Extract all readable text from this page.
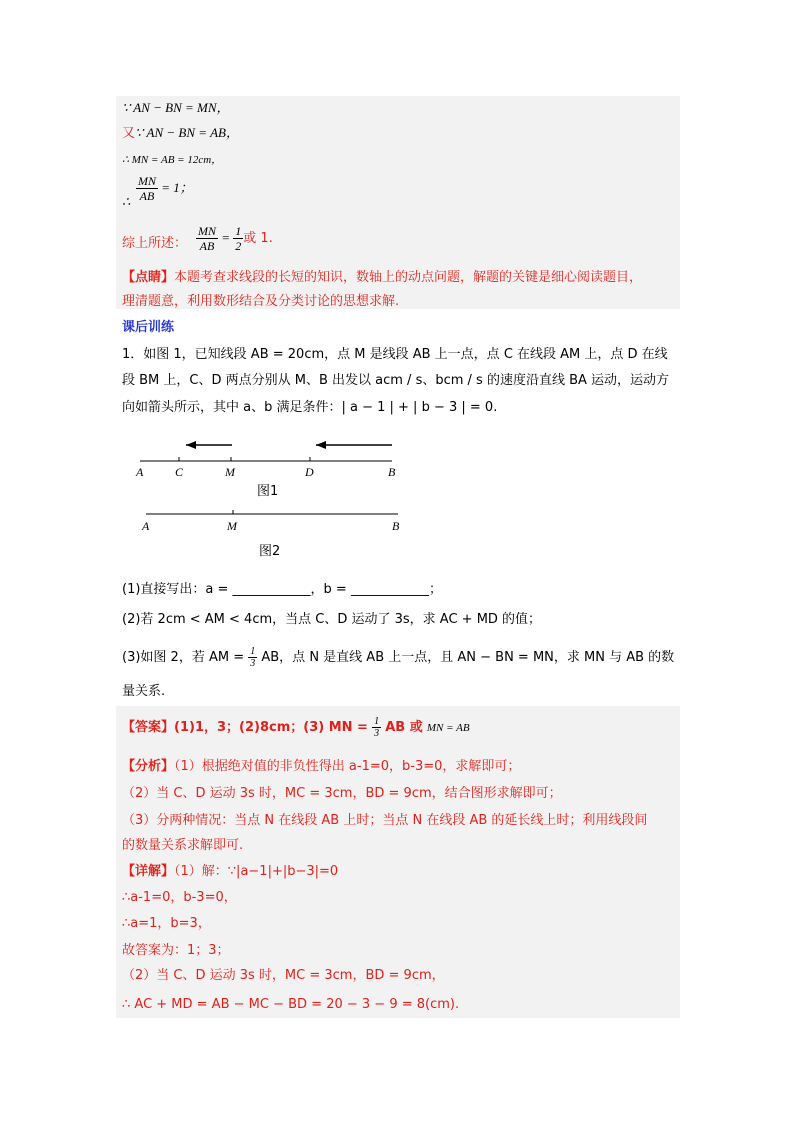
∵ AN − BN = MN，
又∵ AN − BN = AB，
∴ MN = AB = 12cm，
∴ $\frac{MN}{AB} = 1$；
综上所述： $\frac{MN}{AB} = \frac{1}{2}$ 或 1.
【点睛】本题考查求线段的长短的知识，数轴上的动点问题，解题的关键是细心阅读题目，
理清题意，利用数形结合及分类讨论的思想求解.
课后训练
1．如图 1，已知线段 AB = 20cm，点 M 是线段 AB 上一点，点 C 在线段 AM 上，点 D 在线
段 BM 上，C、D 两点分别从 M、B 出发以 acm / s、bcm / s 的速度沿直线 BA 运动，运动方
向如箭头所示，其中 a、b 满足条件：| a − 1 | + | b − 3 | = 0.
A	C	M	D	B
图1
A	M	B
图2
(1)直接写出：a = ____________，b = ____________；
(2)若 2cm < AM < 4cm，当点 C、D 运动了 3s，求 AC + MD 的值；
(3)如图 2，若 AM = $\frac{1}{3}$ AB，点 N 是直线 AB 上一点，且 AN − BN = MN，求 MN 与 AB 的数
量关系.
【答案】(1)1，3；(2)8cm；(3) MN = $\frac{1}{3}$ AB 或 MN = AB
【分析】（1）根据绝对值的非负性得出 a-1=0，b-3=0，求解即可；
（2）当 C、D 运动 3s 时，MC = 3cm，BD = 9cm，结合图形求解即可；
（3）分两种情况：当点 N 在线段 AB 上时；当点 N 在线段 AB 的延长线上时；利用线段间
的数量关系求解即可.
【详解】（1）解：∵|a−1|+|b−3|=0
∴a-1=0，b-3=0，
∴a=1，b=3，
故答案为：1；3；
（2）当 C、D 运动 3s 时，MC = 3cm，BD = 9cm，
∴ AC + MD = AB − MC − BD = 20 − 3 − 9 = 8(cm).
